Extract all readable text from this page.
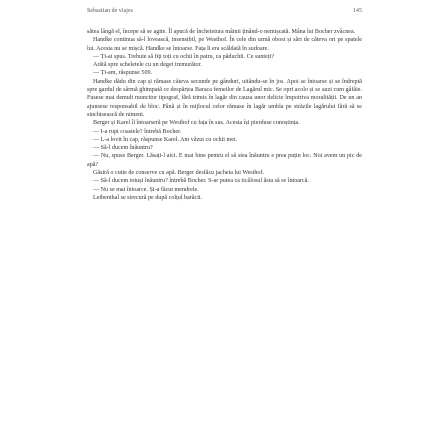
Sebastian de viajes	145

sătea lângă el, începe să se agite. Îl apucă de încheietura mâinii ținând-o nemișcată. Mâna lui Bocher zvâcnea.

Handke continua să-l lovească, insensibil, pe Westhof. În cele din urmă obosi și sări de căteva ori pe spatele lui. Acesta nu se mișcă. Handke se întoarse. Fața îi era scăldată în sudoare.

— Ți-ai spus. Trebuie să fiți toți cu ochii în patru, ca păduchii. Ce sunteți?

Arătă spre scheletele cu un deget tremurător.

— Ți-am, răspunse 509.

Handke dădu din cap și rămase câteva secunde pe gânduri, uitându-se în jos. Apoi se întoarse și se îndreptă spre gardul de sârmă ghimpată ce despărțea Baraca femeilor de Lagărul mic. Se opri acolo și se auzi cum gâfâie. Fusese mai demult muncitor tipograf, fără trimis în lagăr din cauza unor delicte împotriva moralității. De un an ajunsese responsabil de bloc. Până și în mijlocul celor rămase în lagăr umbla pe străzile lagărului fără să se sinchisească de nimeni.

Berger și Karel îl întoarseră pe Westhof cu fața în sus. Acesta își pierduse cunoștința.

— I-a rupt coastele? întrebă Bocher.

— L-a lovit în cap, răspunse Karel. Am văzut cu ochii mei.

— Să-l ducem înăuntru?

— Nu, spuse Berger. Lăsați-l aici. E mai bine pentru el să stea înăuntru e prea puțin loc. Noi avem un pic de apă?

Găsiră o cutie de conserve cu apă. Berger desfăcu jacheta lui Westhof.

— Să-l ducem totuși înăuntru? întrebă Bocher. S-ar putea ca ticălosul ăsta să se întoarcă.

— Nu se mai întoarce. Și-a făcut mendrele.

Leibenthal se strecură pe după colțul barăcii.
